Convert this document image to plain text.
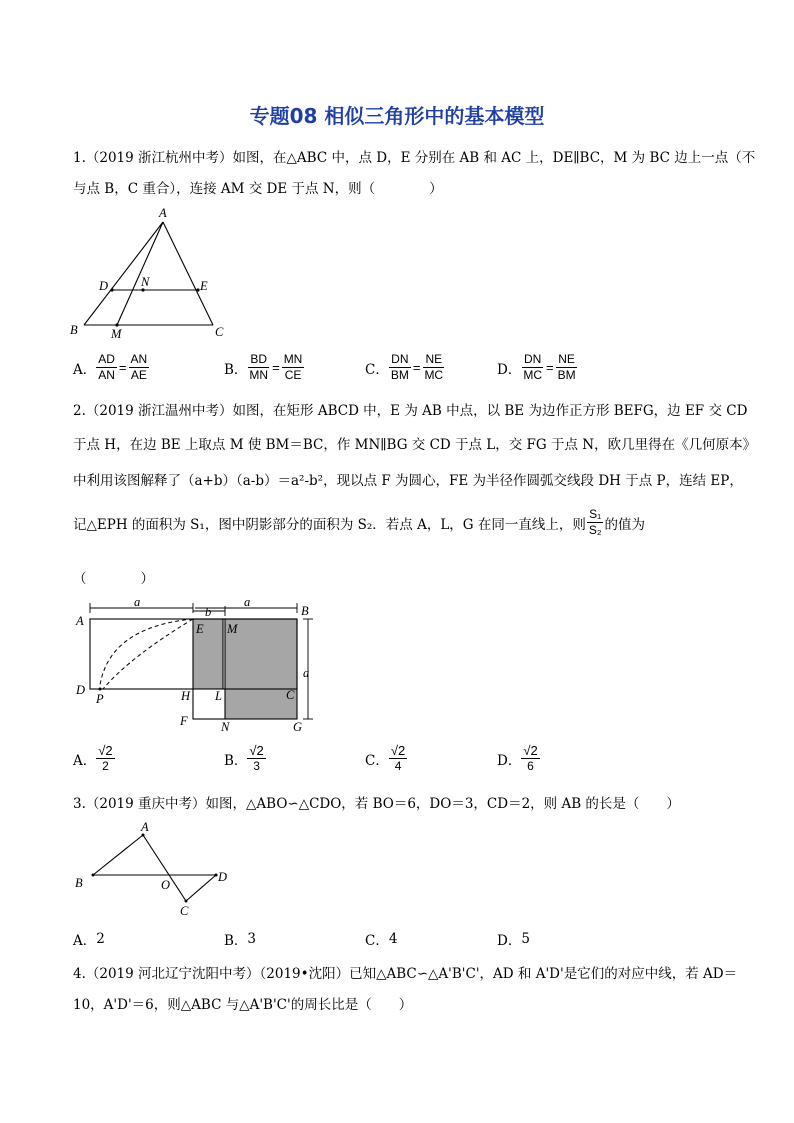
专题08 相似三角形中的基本模型
1.（2019 浙江杭州中考）如图，在△ABC 中，点 D，E 分别在 AB 和 AC 上，DE∥BC，M 为 BC 边上一点（不
与点 B，C 重合），连接 AM 交 DE 于点 N，则（　　　　）
A
B	C
D	E
M
N
A． $\frac{AD}{AN} = \frac{AN}{AE}$	B． $\frac{BD}{MN} = \frac{MN}{CE}$	C． $\frac{DN}{BM} = \frac{NE}{MC}$	D． $\frac{DN}{MC} = \frac{NE}{BM}$
2.（2019 浙江温州中考）如图，在矩形 ABCD 中，E 为 AB 中点，以 BE 为边作正方形 BEFG，边 EF 交 CD
于点 H，在边 BE 上取点 M 使 BM＝BC，作 MN∥BG 交 CD 于点 L，交 FG 于点 N，欧几里得在《几何原本》
中利用该图解释了（a+b）（a-b）＝a²-b²，现以点 F 为圆心，FE 为半径作圆弧交线段 DH 于点 P，连结 EP，
记△EPH 的面积为 S₁，图中阴影部分的面积为 S₂．若点 A，L，G 在同一直线上，则 $\frac{\text{S₁}}{\text{S₂}}$ 的值为
（　　　　）
a
b
a
a
A
B
C
D
E
F	G
H L
M
N
P
A． $\frac{√2}{2}$	B． $\frac{√2}{3}$	C． $\frac{√2}{4}$	D． $\frac{√2}{6}$
3.（2019 重庆中考）如图，△ABO∽△CDO，若 BO＝6，DO＝3，CD＝2，则 AB 的长是（　　）
A
B	O
C
D
A． 2	B． 3	C． 4	D． 5
4.（2019 河北辽宁沈阳中考）（2019•沈阳）已知△ABC∽△A'B'C'，AD 和 A'D'是它们的对应中线，若 AD＝
10，A'D'＝6，则△ABC 与△A'B'C'的周长比是（　　）
